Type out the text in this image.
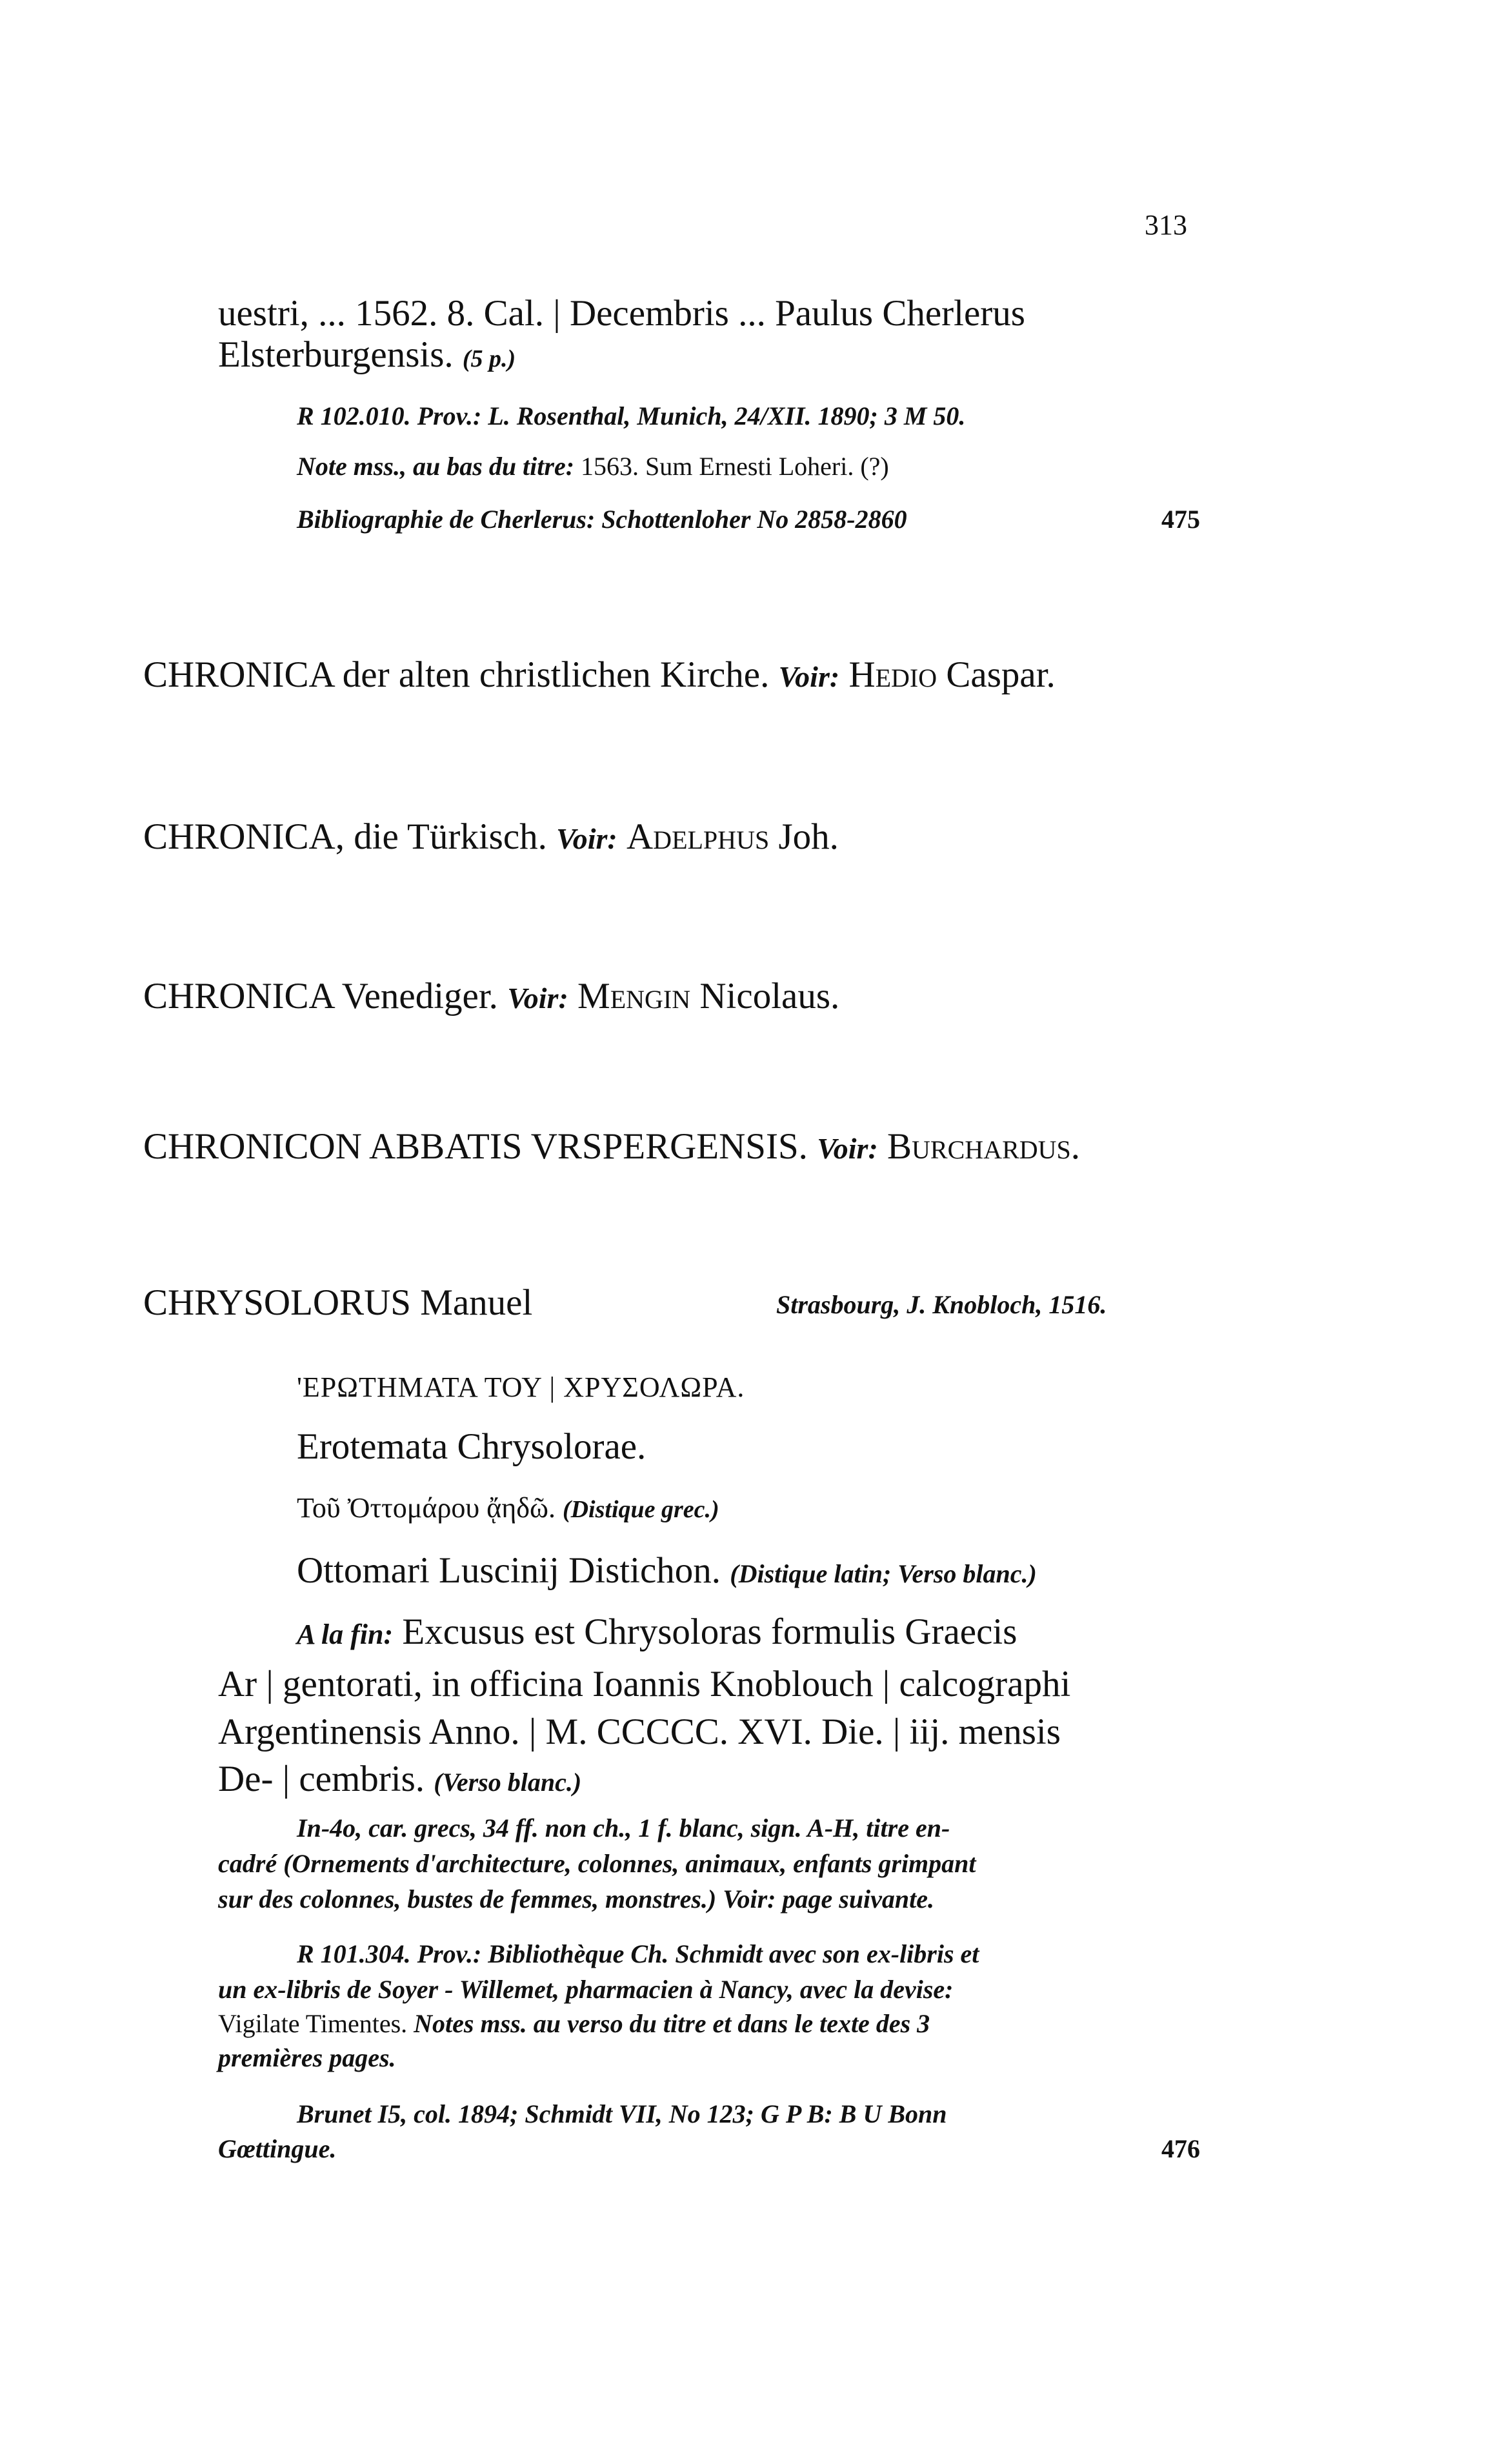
313
uestri, ... 1562. 8. Cal. | Decembris ... Paulus Cherlerus
Elsterburgensis. (5 p.)
R 102.010. Prov.: L. Rosenthal, Munich, 24/XII. 1890; 3 M 50.
Note mss., au bas du titre: 1563. Sum Ernesti Loheri. (?)
Bibliographie de Cherlerus: Schottenloher No 2858-2860	475
CHRONICA der alten christlichen Kirche. Voir: Hedio Caspar.
CHRONICA, die Türkisch. Voir: Adelphus Joh.
CHRONICA Venediger. Voir: Mengin Nicolaus.
CHRONICON ABBATIS VRSPERGENSIS. Voir: Burchardus.
CHRYSOLORUS Manuel	Strasbourg, J. Knobloch, 1516.
'ΕΡΩΤΗΜΑΤΑ ΤΟΥ | ΧΡΥΣΟΛΩΡΑ.
Erotemata Chrysolorae.
Τοῦ Ὀττομάρου ᾄηδῶ. (Distique grec.)
Ottomari Luscinij Distichon. (Distique latin; Verso blanc.)
A la fin: Excusus est Chrysoloras formulis Graecis
Ar | gentorati, in officina Ioannis Knoblouch | calcographi
Argentinensis Anno. | M. CCCCC. XVI. Die. | iij. mensis
De- | cembris. (Verso blanc.)
In-4o, car. grecs, 34 ff. non ch., 1 f. blanc, sign. A-H, titre en-
cadré (Ornements d'architecture, colonnes, animaux, enfants grimpant
sur des colonnes, bustes de femmes, monstres.) Voir: page suivante.
R 101.304. Prov.: Bibliothèque Ch. Schmidt avec son ex-libris et
un ex-libris de Soyer - Willemet, pharmacien à Nancy, avec la devise:
Vigilate Timentes. Notes mss. au verso du titre et dans le texte des 3
premières pages.
Brunet I5, col. 1894; Schmidt VII, No 123; G P B: B U Bonn
Gœttingue.	476
